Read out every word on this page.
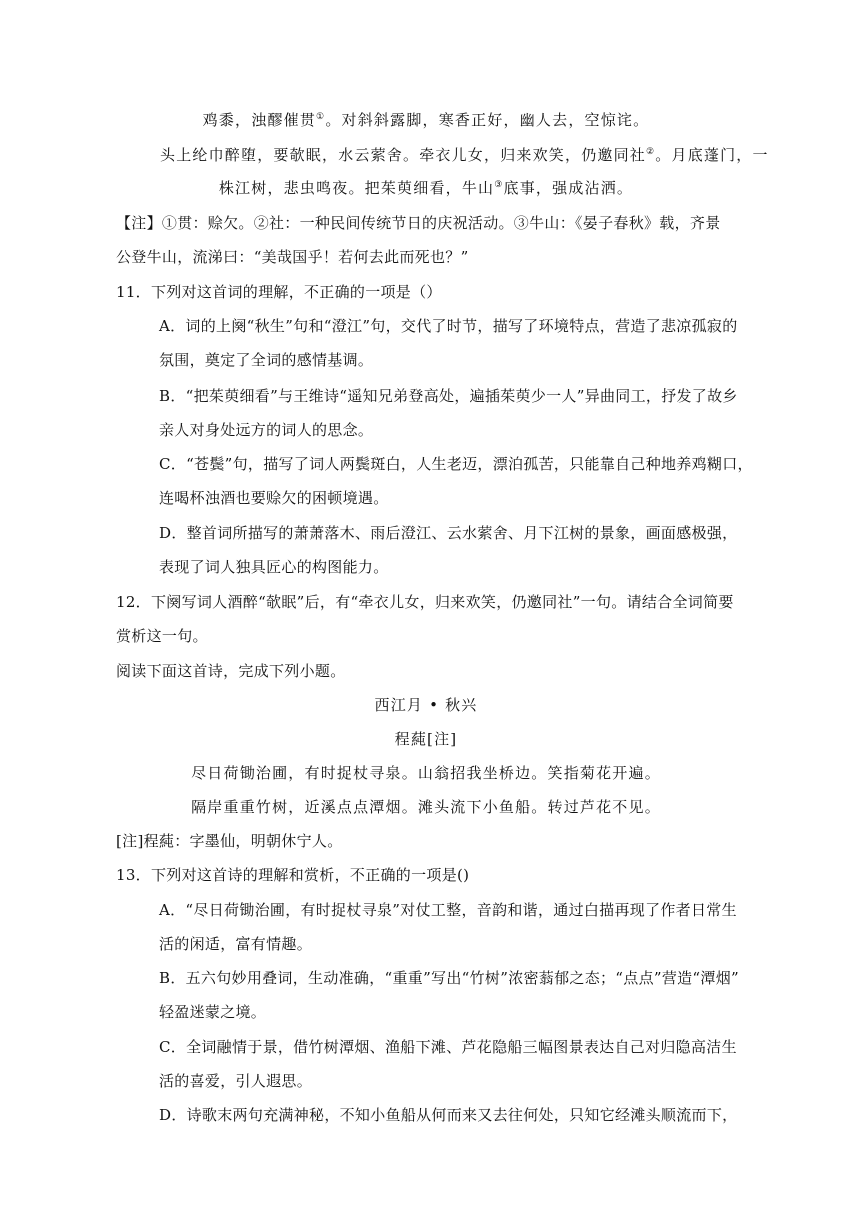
鸡黍，浊醪催贯①。对斜斜露脚，寒香正好，幽人去，空惊诧。
头上纶巾醉堕，要欹眠，水云萦舍。牵衣儿女，归来欢笑，仍邀同社②。月底蓬门，一
株江树，悲虫鸣夜。把茱萸细看，牛山③底事，强成沾洒。
【注】①贯：赊欠。②社：一种民间传统节日的庆祝活动。③牛山：《晏子春秋》载，齐景
公登牛山，流涕曰：“美哉国乎！若何去此而死也？”
11．下列对这首词的理解，不正确的一项是（）
A．词的上阕“秋生”句和“澄江”句，交代了时节，描写了环境特点，营造了悲凉孤寂的
氛围，奠定了全词的感情基调。
B．“把茱萸细看”与王维诗“遥知兄弟登高处，遍插茱萸少一人”异曲同工，抒发了故乡
亲人对身处远方的词人的思念。
C．“苍鬓”句，描写了词人两鬓斑白，人生老迈，漂泊孤苦，只能靠自己种地养鸡糊口，
连喝杯浊酒也要赊欠的困顿境遇。
D．整首词所描写的萧萧落木、雨后澄江、云水萦舍、月下江树的景象，画面感极强，
表现了词人独具匠心的构图能力。
12．下阕写词人酒醉“欹眠”后，有“牵衣儿女，归来欢笑，仍邀同社”一句。请结合全词简要
赏析这一句。
阅读下面这首诗，完成下列小题。
西江月 • 秋兴
程蒓[注]
尽日荷锄治圃，有时捉杖寻泉。山翁招我坐桥边。笑指菊花开遍。
隔岸重重竹树，近溪点点潭烟。滩头流下小鱼船。转过芦花不见。
[注]程蒓：字墨仙，明朝休宁人。
13．下列对这首诗的理解和赏析，不正确的一项是()
A．“尽日荷锄治圃，有时捉杖寻泉”对仗工整，音韵和谐，通过白描再现了作者日常生
活的闲适，富有情趣。
B．五六句妙用叠词，生动准确，“重重”写出“竹树”浓密蓊郁之态；“点点”营造“潭烟”
轻盈迷蒙之境。
C．全词融情于景，借竹树潭烟、渔船下滩、芦花隐船三幅图景表达自己对归隐高洁生
活的喜爱，引人遐思。
D．诗歌末两句充满神秘，不知小鱼船从何而来又去往何处，只知它经滩头顺流而下，
